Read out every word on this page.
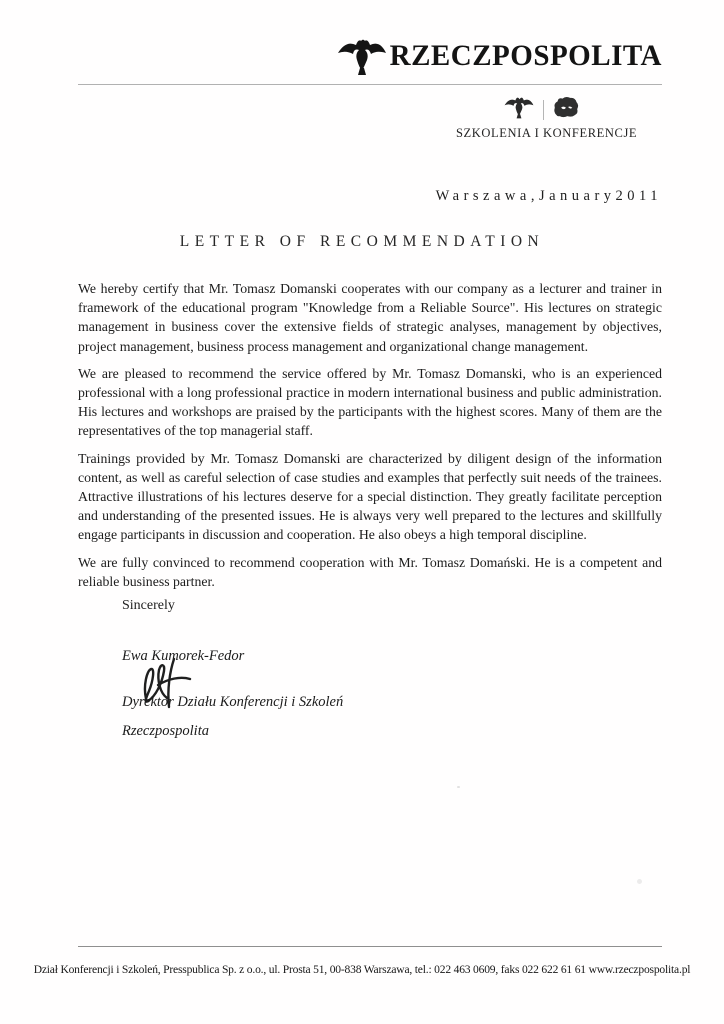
RZECZPOSPOLITA
SZKOLENIA I KONFERENCJE
Warszawa,January2011
LETTER OF RECOMMENDATION

We hereby certify that Mr. Tomasz Domanski cooperates with our company as a lecturer and trainer in framework of the educational program "Knowledge from a Reliable Source". His lectures on strategic management in business cover the extensive fields of strategic analyses, management by objectives, project management, business process management and organizational change management.

We are pleased to recommend the service offered by Mr. Tomasz Domanski, who is an experienced professional with a long professional practice in modern international business and public administration. His lectures and workshops are praised by the participants with the highest scores. Many of them are the representatives of the top managerial staff.

Trainings provided by Mr. Tomasz Domanski are characterized by diligent design of the information content, as well as careful selection of case studies and examples that perfectly suit needs of the trainees. Attractive illustrations of his lectures deserve for a special distinction. They greatly facilitate perception and understanding of the presented issues. He is always very well prepared to the lectures and skillfully engage participants in discussion and cooperation. He also obeys a high temporal discipline.

We are fully convinced to recommend cooperation with Mr. Tomasz Domański. He is a competent and reliable business partner.

Sincerely
Ewa Kumorek-Fedor
Dyrektor Działu Konferencji i Szkoleń
Rzeczpospolita
Dział Konferencji i Szkoleń, Presspublica Sp. z o.o., ul. Prosta 51, 00-838 Warszawa, tel.: 022 463 0609, faks 022 622 61 61 www.rzeczpospolita.pl
